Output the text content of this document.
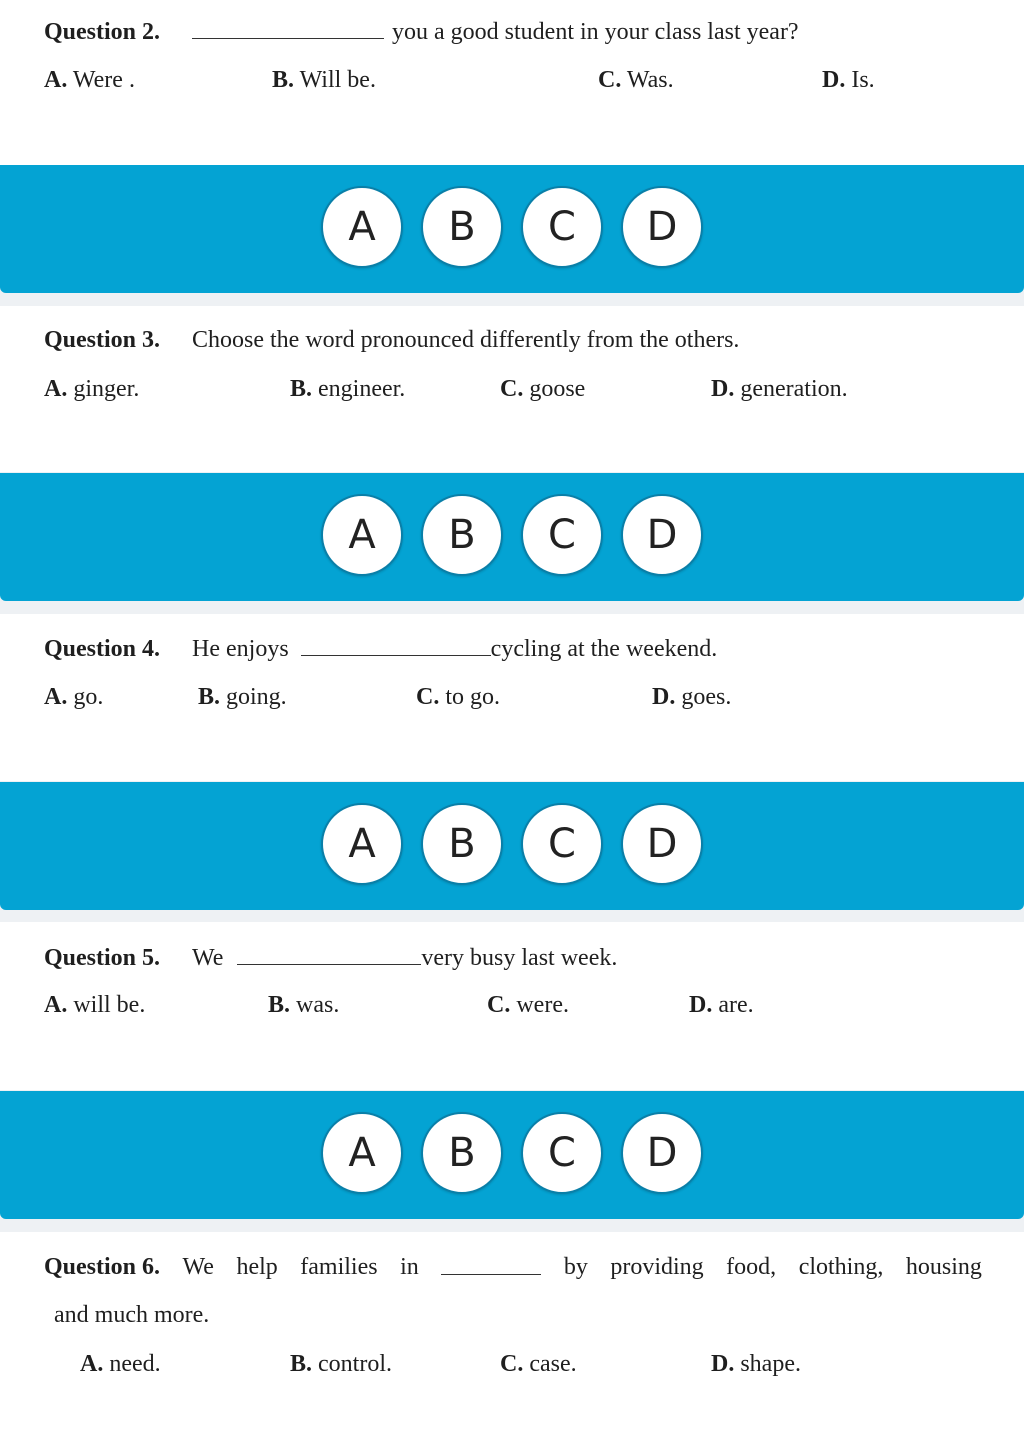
Question 2.	you a good student in your class last year?
A. Were .	B. Will be.	C. Was.	D. Is.
A	B	C	D
Question 3. Choose the word pronounced differently from the others.
A. ginger.	B. engineer.	C. goose	D. generation.
A	B	C	D
Question 4. He enjoys	cycling at the weekend.
A. go.	B. going.	C. to go.	D. goes.
A	B	C	D
Question 5. We	very busy last week.
A. will be.	B. was.	C. were.	D. are.
A	B	C	D
Question 6. We help families in	by providing food, clothing, housing
and much more.
A. need.	B. control.	C. case.	D. shape.
